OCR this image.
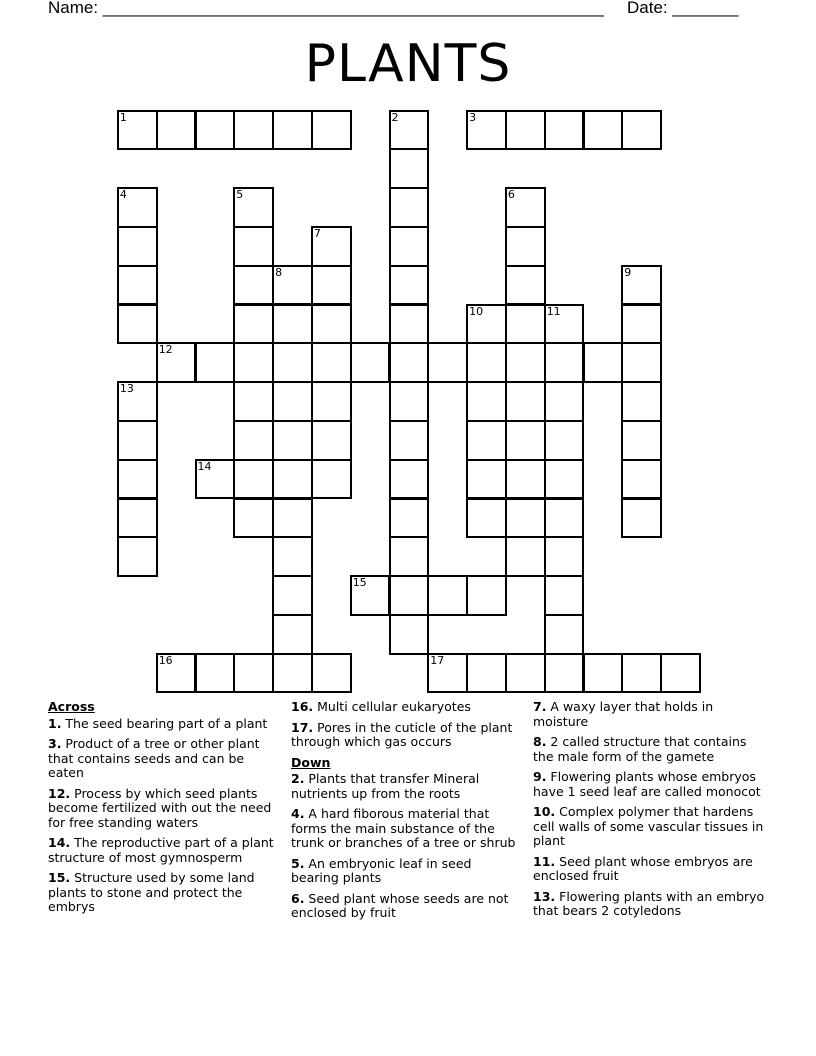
Name: _____________________________________________________ Date: _______
PLANTS
1	2	3
4	5	6
7
8	9
10	11
12
13
14
15
16	17
Across
1. The seed bearing part of a plant
3. Product of a tree or other plant that contains seeds and can be eaten
12. Process by which seed plants become fertilized with out the need for free standing waters
14. The reproductive part of a plant structure of most gymnosperm
15. Structure used by some land plants to stone and protect the embrys
16. Multi cellular eukaryotes
17. Pores in the cuticle of the plant through which gas occurs
Down
2. Plants that transfer Mineral nutrients up from the roots
4. A hard fiborous material that forms the main substance of the trunk or branches of a tree or shrub
5. An embryonic leaf in seed bearing plants
6. Seed plant whose seeds are not enclosed by fruit
7. A waxy layer that holds in moisture
8. 2 called structure that contains the male form of the gamete
9. Flowering plants whose embryos have 1 seed leaf are called monocot
10. Complex polymer that hardens cell walls of some vascular tissues in plant
11. Seed plant whose embryos are enclosed fruit
13. Flowering plants with an embryo that bears 2 cotyledons
